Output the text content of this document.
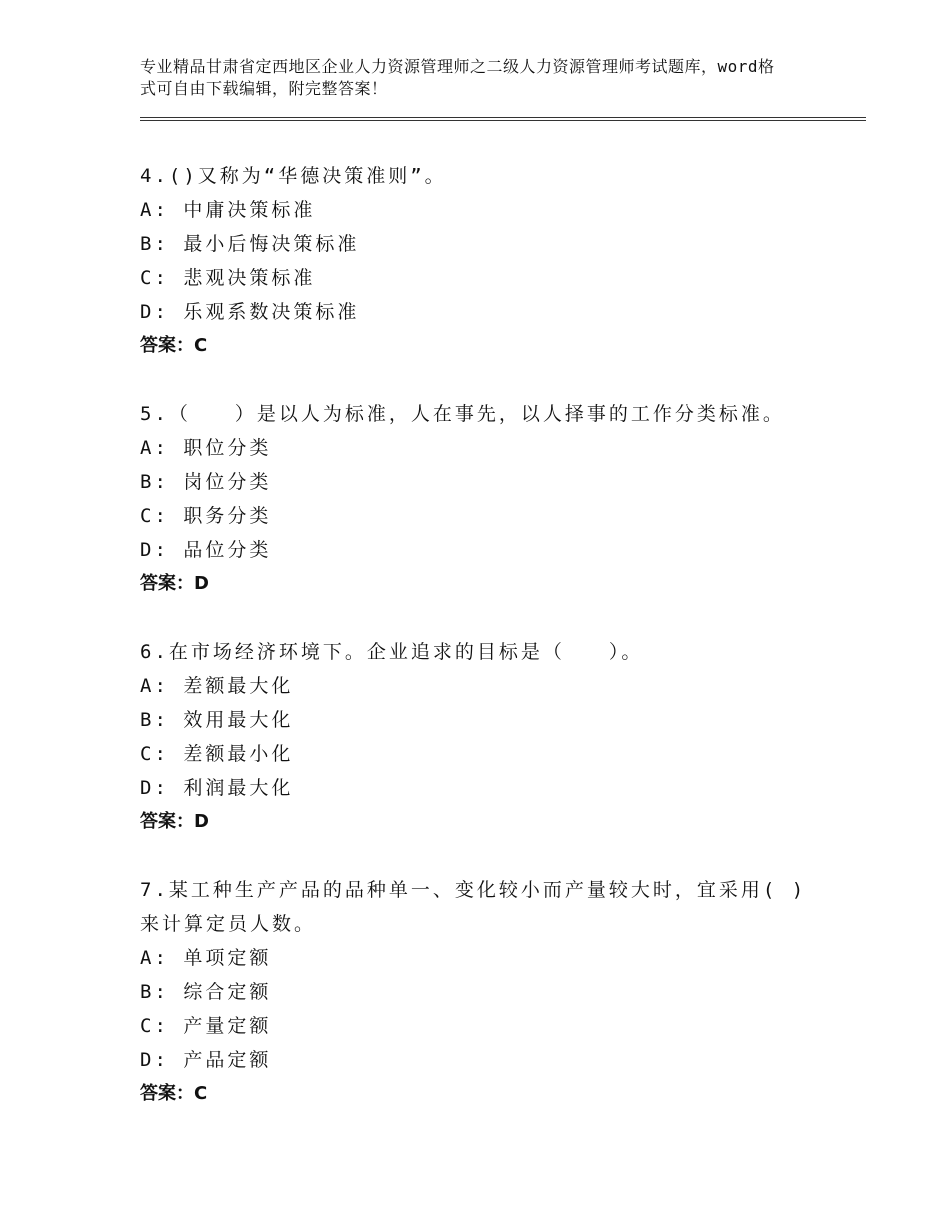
专业精品甘肃省定西地区企业人力资源管理师之二级人力资源管理师考试题库，word格式可自由下载编辑，附完整答案！

4.()又称为“华德决策准则”。
A: 中庸决策标准
B: 最小后悔决策标准
C: 悲观决策标准
D: 乐观系数决策标准
答案：C
5.（　　）是以人为标准，人在事先，以人择事的工作分类标准。
A: 职位分类
B: 岗位分类
C: 职务分类
D: 品位分类
答案：D
6.在市场经济环境下。企业追求的目标是（　　）。
A: 差额最大化
B: 效用最大化
C: 差额最小化
D: 利润最大化
答案：D
7.某工种生产产品的品种单一、变化较小而产量较大时，宜采用( )来计算定员人数。
A: 单项定额
B: 综合定额
C: 产量定额
D: 产品定额
答案：C
